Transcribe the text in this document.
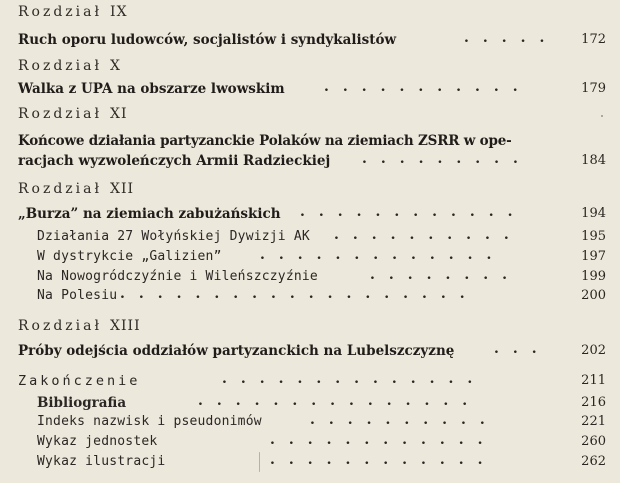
Rozdział IX
Ruch oporu ludowców, socjalistów i syndykalistów	.....	172
Rozdział X
Walka z UPA na obszarze lwowskim	...........	179
Rozdział XI
Końcowe działania partyzanckie Polaków na ziemiach ZSRR w ope-
racjach wyzwoleńczych Armii Radzieckiej .........	184
Rozdział XII
„Burza” na ziemiach zabużańskich ............	194
Działania 27 Wołyńskiej Dywizji AK ..........	195
W dystrykcie „Galizien”	.............	197
Na Nowogródczyźnie i Wileńszczyźnie	........	199
Na Polesiu ...................	200
Rozdział XIII
Próby odejścia oddziałów partyzanckich na Lubelszczyznę	...	202
Zakończenie	..............	211
Bibliografia	...............	216
Indeks nazwisk i pseudonimów	..........	221
Wykaz jednostek	............	260
Wykaz ilustracji	............	262
